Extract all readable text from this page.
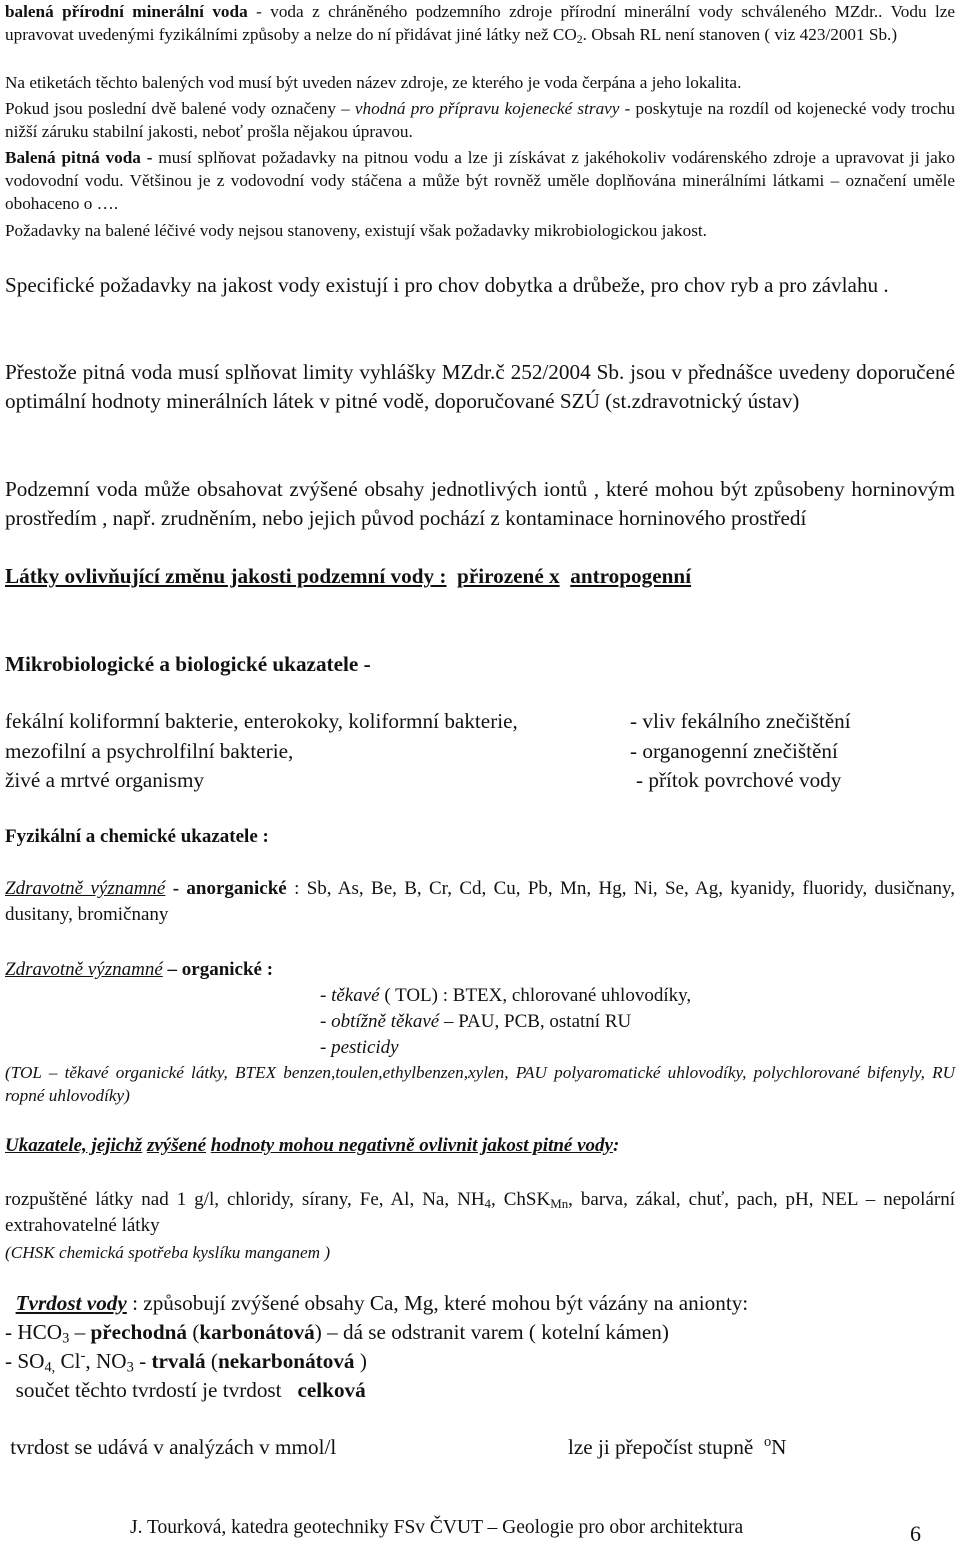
balená přírodní minerální voda - voda z chráněného podzemního zdroje přírodní minerální vody schváleného MZdr.. Vodu lze upravovat uvedenými fyzikálními způsoby a nelze do ní přidávat jiné látky než $CO_2$. Obsah RL není stanoven ( viz 423/2001 Sb.)

Na etiketách těchto balených vod musí být uveden název zdroje, ze kterého je voda čerpána a jeho lokalita.

Pokud jsou poslední dvě balené vody označeny – vhodná pro přípravu kojenecké stravy - poskytuje na rozdíl od kojenecké vody trochu nižší záruku stabilní jakosti, neboť prošla nějakou úpravou.

Balená pitná voda - musí splňovat požadavky na pitnou vodu a lze ji získávat z jakéhokoliv vodárenského zdroje a upravovat ji jako vodovodní vodu. Většinou je z vodovodní vody stáčena a může být rovněž uměle doplňována minerálními látkami – označení uměle obohaceno o ….

Požadavky na balené léčivé vody nejsou stanoveny, existují však požadavky mikrobiologickou jakost.

Specifické požadavky na jakost vody existují i pro chov dobytka a drůbeže, pro chov ryb a pro závlahu .

Přestože pitná voda musí splňovat limity vyhlášky MZdr.č 252/2004 Sb. jsou v přednášce uvedeny doporučené optimální hodnoty minerálních látek v pitné vodě, doporučované SZÚ (st.zdravotnický ústav)

Podzemní voda může obsahovat zvýšené obsahy jednotlivých iontů , které mohou být způsobeny horninovým prostředím , např. zrudněním, nebo jejich původ pochází z kontaminace horninového prostředí

Látky ovlivňující změnu jakosti podzemní vody : přirozené x antropogenní
Mikrobiologické a biologické ukazatele -
fekální koliformní bakterie, enterokoky, koliformní bakterie,	- vliv fekálního znečištění
mezofilní a psychrolfilní bakterie,	- organogenní znečištění
živé a mrtvé organismy	- přítok povrchové vody
Fyzikální a chemické ukazatele :

Zdravotně významné - anorganické : Sb, As, Be, B, Cr, Cd, Cu, Pb, Mn, Hg, Ni, Se, Ag, kyanidy, fluoridy, dusičnany, dusitany, bromičnany

Zdravotně významné – organické :
- těkavé ( TOL) : BTEX, chlorované uhlovodíky,
- obtížně těkavé – PAU, PCB, ostatní RU
- pesticidy

(TOL – těkavé organické látky, BTEX benzen,toulen,ethylbenzen,xylen, PAU polyaromatické uhlovodíky, polychlorované bifenyly, RU ropné uhlovodíky)

Ukazatele, jejichž zvýšené hodnoty mohou negativně ovlivnit jakost pitné vody:

rozpuštěné látky nad 1 g/l, chloridy, sírany, Fe, Al, Na, $NH_4$, ChSK$_{Mn}$, barva, zákal, chuť, pach, pH, NEL – nepolární extrahovatelné látky

(CHSK chemická spotřeba kyslíku manganem )
Tvrdost vody : způsobují zvýšené obsahy Ca, Mg, které mohou být vázány na anionty:
- $HCO_3$ – přechodná (karbonátová) – dá se odstranit varem ( kotelní kámen)
- $SO_{4,}$ Cl-, $NO_3$ - trvalá (nekarbonátová )
součet těchto tvrdostí je tvrdost   celková
tvrdost se udává v analýzách v mmol/l	lze ji přepočíst stupně  $^o$N
J. Tourková, katedra geotechniky FSv ČVUT – Geologie pro obor architektura	6
